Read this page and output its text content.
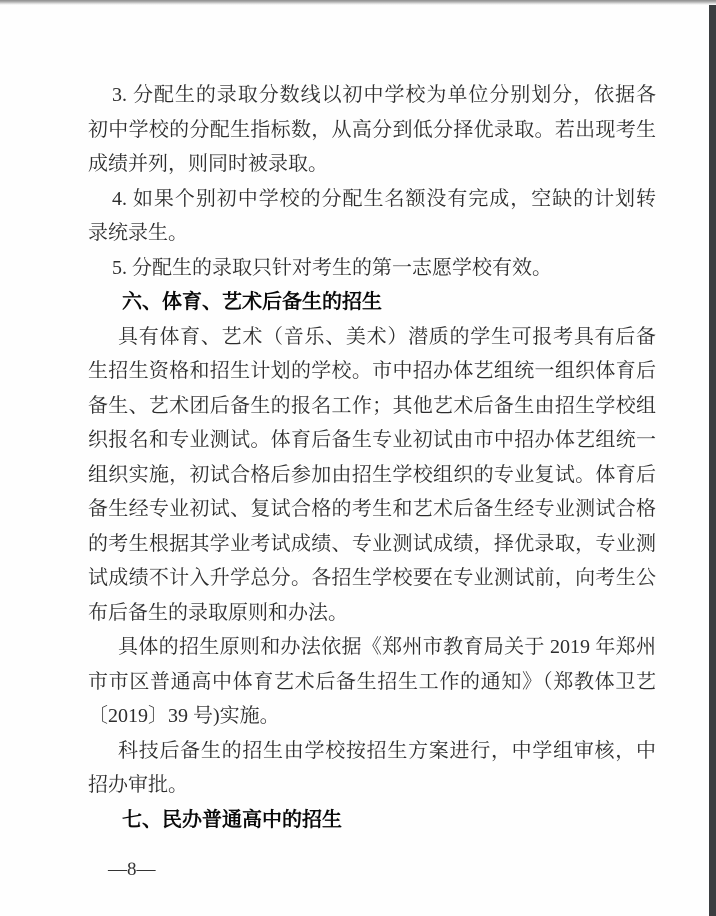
3. 分配生的录取分数线以初中学校为单位分别划分，依据各
初中学校的分配生指标数，从高分到低分择优录取。若出现考生
成绩并列，则同时被录取。
4. 如果个别初中学校的分配生名额没有完成，空缺的计划转
录统录生。
5. 分配生的录取只针对考生的第一志愿学校有效。
六、体育、艺术后备生的招生
具有体育、艺术（音乐、美术）潜质的学生可报考具有后备
生招生资格和招生计划的学校。市中招办体艺组统一组织体育后
备生、艺术团后备生的报名工作；其他艺术后备生由招生学校组
织报名和专业测试。体育后备生专业初试由市中招办体艺组统一
组织实施，初试合格后参加由招生学校组织的专业复试。体育后
备生经专业初试、复试合格的考生和艺术后备生经专业测试合格
的考生根据其学业考试成绩、专业测试成绩，择优录取，专业测
试成绩不计入升学总分。各招生学校要在专业测试前，向考生公
布后备生的录取原则和办法。
具体的招生原则和办法依据《郑州市教育局关于 2019 年郑州
市市区普通高中体育艺术后备生招生工作的通知》（郑教体卫艺
〔2019〕39 号)实施。
科技后备生的招生由学校按招生方案进行，中学组审核，中
招办审批。
七、民办普通高中的招生
—8—
